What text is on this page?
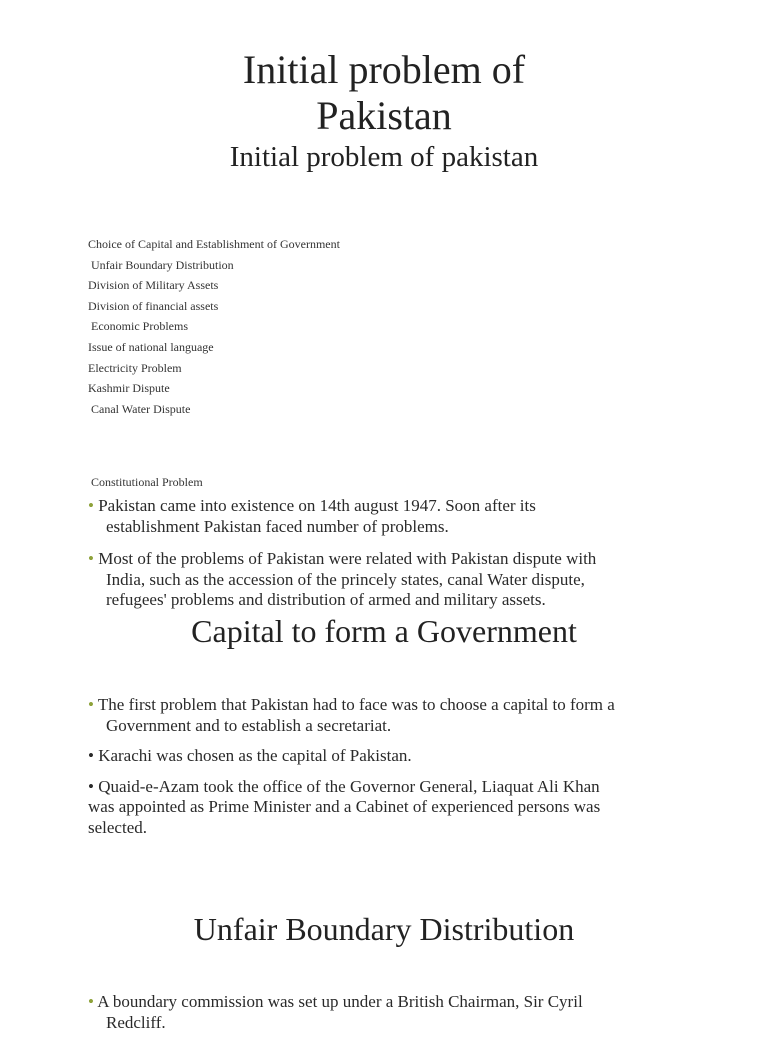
Initial problem of
Pakistan
Initial problem of pakistan
Choice of Capital and Establishment of Government
Unfair Boundary Distribution
Division of Military Assets
Division of financial assets
Economic Problems
Issue of national language
Electricity Problem
Kashmir Dispute
Canal Water Dispute
Constitutional Problem
• Pakistan came into existence on 14th august 1947. Soon after its
establishment Pakistan faced number of problems.
• Most of the problems of Pakistan were related with Pakistan dispute with
India, such as the accession of the princely states, canal Water dispute,
refugees' problems and distribution of armed and military assets.
Capital to form a Government
• The first problem that Pakistan had to face was to choose a capital to form a
Government and to establish a secretariat.
• Karachi was chosen as the capital of Pakistan.
• Quaid-e-Azam took the office of the Governor General, Liaquat Ali Khan
was appointed as Prime Minister and a Cabinet of experienced persons was
selected.
Unfair Boundary Distribution
• A boundary commission was set up under a British Chairman, Sir Cyril
Redcliff.
